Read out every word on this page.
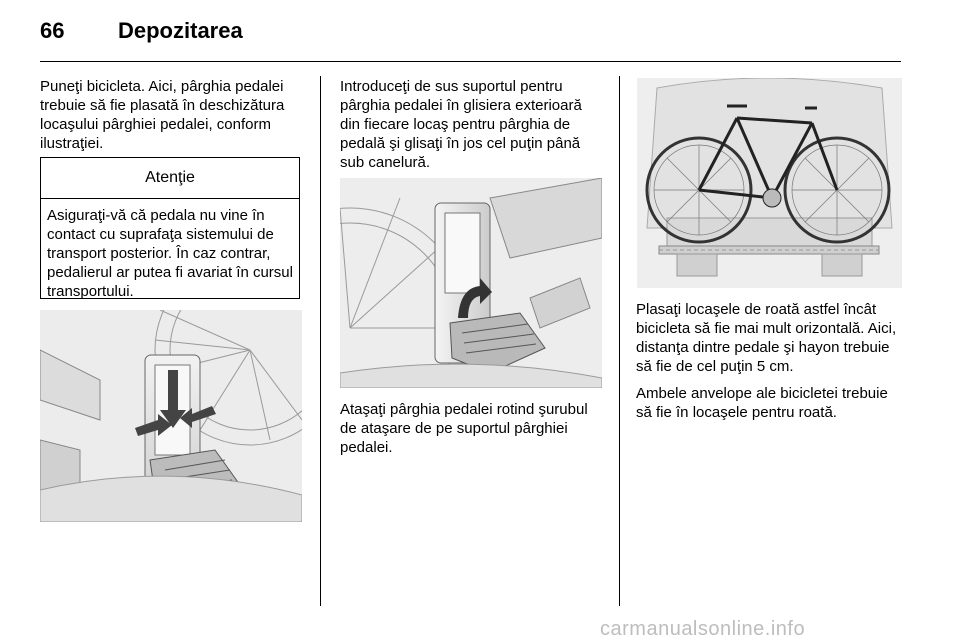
66 Depozitarea

Puneţi bicicleta. Aici, pârghia pedalei trebuie să fie plasată în deschizătura locaşului pârghiei pedalei, conform ilustraţiei.

Atenţie
Asiguraţi-vă că pedala nu vine în contact cu suprafaţa sistemului de transport posterior. În caz contrar, pedalierul ar putea fi avariat în cursul transportului.

Introduceţi de sus suportul pentru pârghia pedalei în glisiera exterioară din fiecare locaş pentru pârghia de pedală şi glisaţi în jos cel puţin până sub canelură.

Ataşaţi pârghia pedalei rotind şurubul de ataşare de pe suportul pârghiei pedalei.

Plasaţi locaşele de roată astfel încât bicicleta să fie mai mult orizontală. Aici, distanţa dintre pedale şi hayon trebuie să fie de cel puţin 5 cm.

Ambele anvelope ale bicicletei trebuie să fie în locaşele pentru roată.

carmanualsonline.info
